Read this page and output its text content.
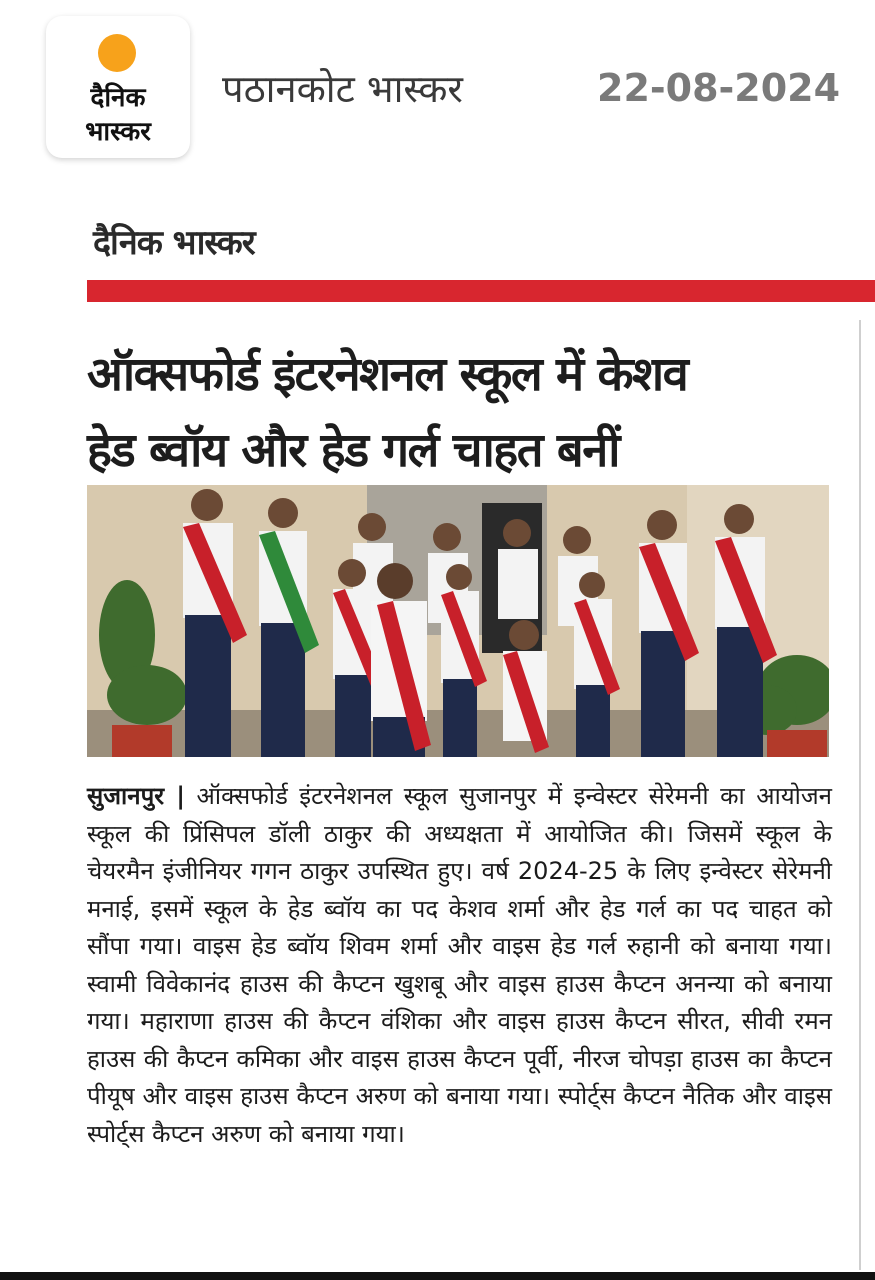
दैनिक
भास्कर
पठानकोट भास्कर	22-08-2024
दैनिक भास्कर
ऑक्सफोर्ड इंटरनेशनल स्कूल में केशव
हेड ब्वॉय और हेड गर्ल चाहत बनीं
सुजानपुर | ऑक्सफोर्ड इंटरनेशनल स्कूल सुजानपुर में इन्वेस्टर सेरेमनी का आयोजन स्कूल की प्रिंसिपल डॉली ठाकुर की अध्यक्षता में आयोजित की। जिसमें स्कूल के चेयरमैन इंजीनियर गगन ठाकुर उपस्थित हुए। वर्ष 2024-25 के लिए इन्वेस्टर सेरेमनी मनाई, इसमें स्कूल के हेड ब्वॉय का पद केशव शर्मा और हेड गर्ल का पद चाहत को सौंपा गया। वाइस हेड ब्वॉय शिवम शर्मा और वाइस हेड गर्ल रुहानी को बनाया गया। स्वामी विवेकानंद हाउस की कैप्टन खुशबू और वाइस हाउस कैप्टन अनन्या को बनाया गया। महाराणा हाउस की कैप्टन वंशिका और वाइस हाउस कैप्टन सीरत, सीवी रमन हाउस की कैप्टन कमिका और वाइस हाउस कैप्टन पूर्वी, नीरज चोपड़ा हाउस का कैप्टन पीयूष और वाइस हाउस कैप्टन अरुण को बनाया गया। स्पोर्ट्स कैप्टन नैतिक और वाइस स्पोर्ट्स कैप्टन अरुण को बनाया गया।
